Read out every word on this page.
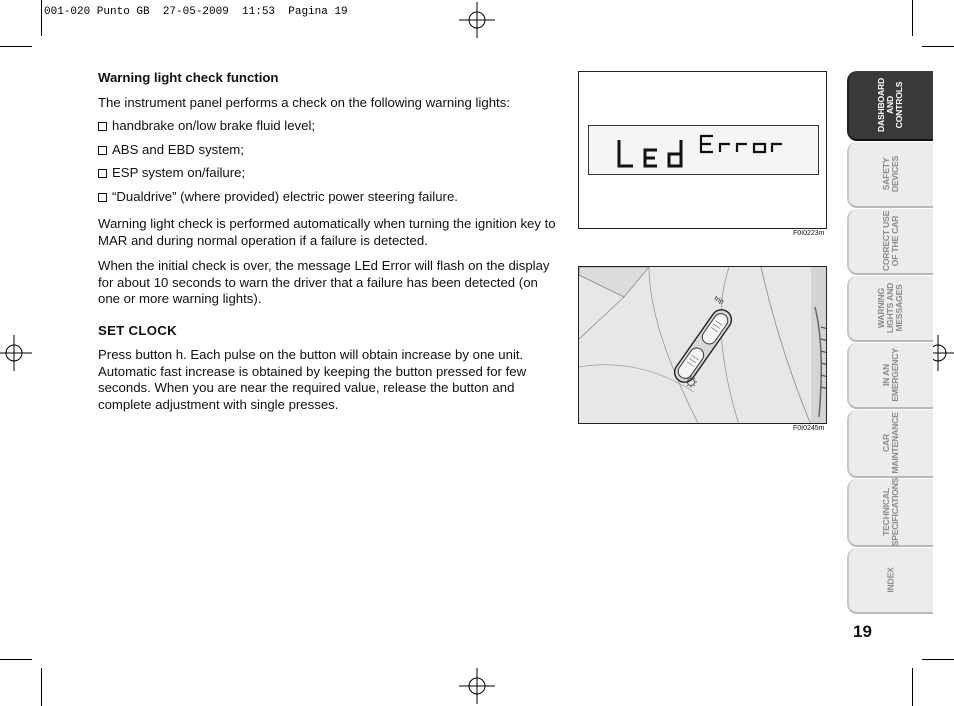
001-020 Punto GB  27-05-2009  11:53  Pagina 19

Warning light check function

The instrument panel performs a check on the following warning lights:

handbrake on/low brake fluid level;

ABS and EBD system;

ESP system on/failure;

“Dualdrive” (where provided) electric power steering failure.

Warning light check is performed automatically when turning the ignition key to MAR and during normal operation if a failure is detected.

When the initial check is over, the message LEd Error will flash on the display for about 10 seconds to warn the driver that a failure has been detected (on one or more warning lights).

SET CLOCK

Press button h. Each pulse on the button will obtain increase by one unit. Automatic fast increase is obtained by keeping the button pressed for few seconds. When you are near the required value, release the button and complete adjustment with single presses.

F0I0223m
trip
F0I0245m
DASHBOARD
AND
CONTROLS
SAFETY
DEVICES
CORRECT USE
OF THE CAR
WARNING
LIGHTS AND
MESSAGES
IN AN
EMERGENCY
CAR
MAINTENANCE
TECHNICAL
SPECIFICATIONS
INDEX
19
